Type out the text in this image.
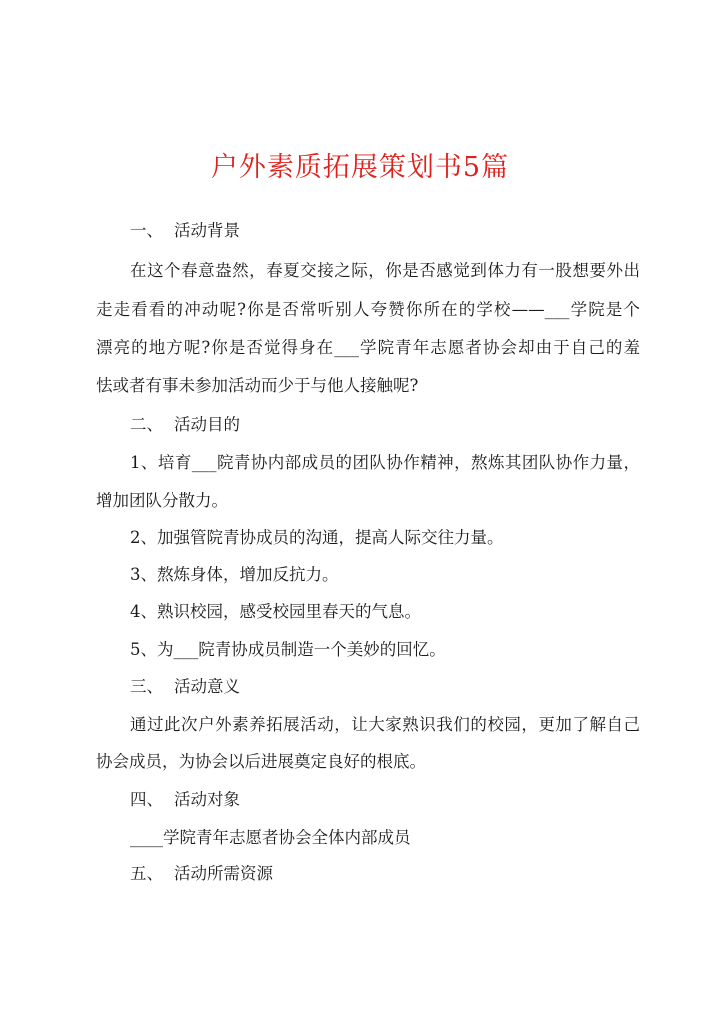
户外素质拓展策划书5篇
一、 活动背景
在这个春意盎然，春夏交接之际，你是否感觉到体力有一股想要外出
走走看看的冲动呢?你是否常听别人夸赞你所在的学校——___学院是个
漂亮的地方呢?你是否觉得身在___学院青年志愿者协会却由于自己的羞
怯或者有事未参加活动而少于与他人接触呢?
二、 活动目的
1、培育___院青协内部成员的团队协作精神，熬炼其团队协作力量，
增加团队分散力。
2、加强管院青协成员的沟通，提高人际交往力量。
3、熬炼身体，增加反抗力。
4、熟识校园，感受校园里春天的气息。
5、为___院青协成员制造一个美妙的回忆。
三、 活动意义
通过此次户外素养拓展活动，让大家熟识我们的校园，更加了解自己
协会成员，为协会以后进展奠定良好的根底。
四、 活动对象
____学院青年志愿者协会全体内部成员
五、 活动所需资源
